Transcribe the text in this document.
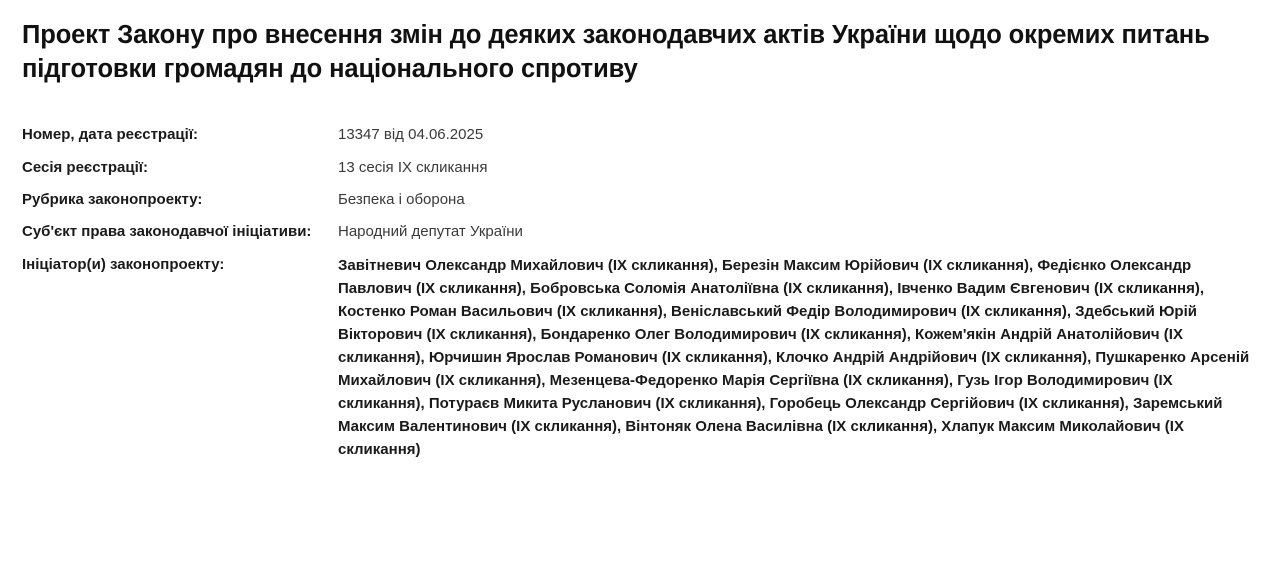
Проект Закону про внесення змін до деяких законодавчих актів України щодо окремих питань підготовки громадян до національного спротиву
Номер, дата реєстрації:	13347 від 04.06.2025
Сесія реєстрації:	13 сесія IX скликання
Рубрика законопроекту:	Безпека і оборона
Суб'єкт права законодавчої ініціативи:	Народний депутат України
Ініціатор(и) законопроекту:	Завітневич Олександр Михайлович (IX скликання), Березін Максим Юрійович (IX скликання), Федієнко Олександр Павлович (IX скликання), Бобровська Соломія Анатоліївна (IX скликання), Івченко Вадим Євгенович (IX скликання), Костенко Роман Васильович (IX скликання), Веніславський Федір Володимирович (IX скликання), Здебський Юрій Вікторович (IX скликання), Бондаренко Олег Володимирович (IX скликання), Кожем'якін Андрій Анатолійович (IX скликання), Юрчишин Ярослав Романович (IX скликання), Клочко Андрій Андрійович (IX скликання), Пушкаренко Арсеній Михайлович (IX скликання), Мезенцева-Федоренко Марія Сергіївна (IX скликання), Гузь Ігор Володимирович (IX скликання), Потураєв Микита Русланович (IX скликання), Горобець Олександр Сергійович (IX скликання), Заремський Максим Валентинович (IX скликання), Вінтоняк Олена Василівна (IX скликання), Хлапук Максим Миколайович (IX скликання)
